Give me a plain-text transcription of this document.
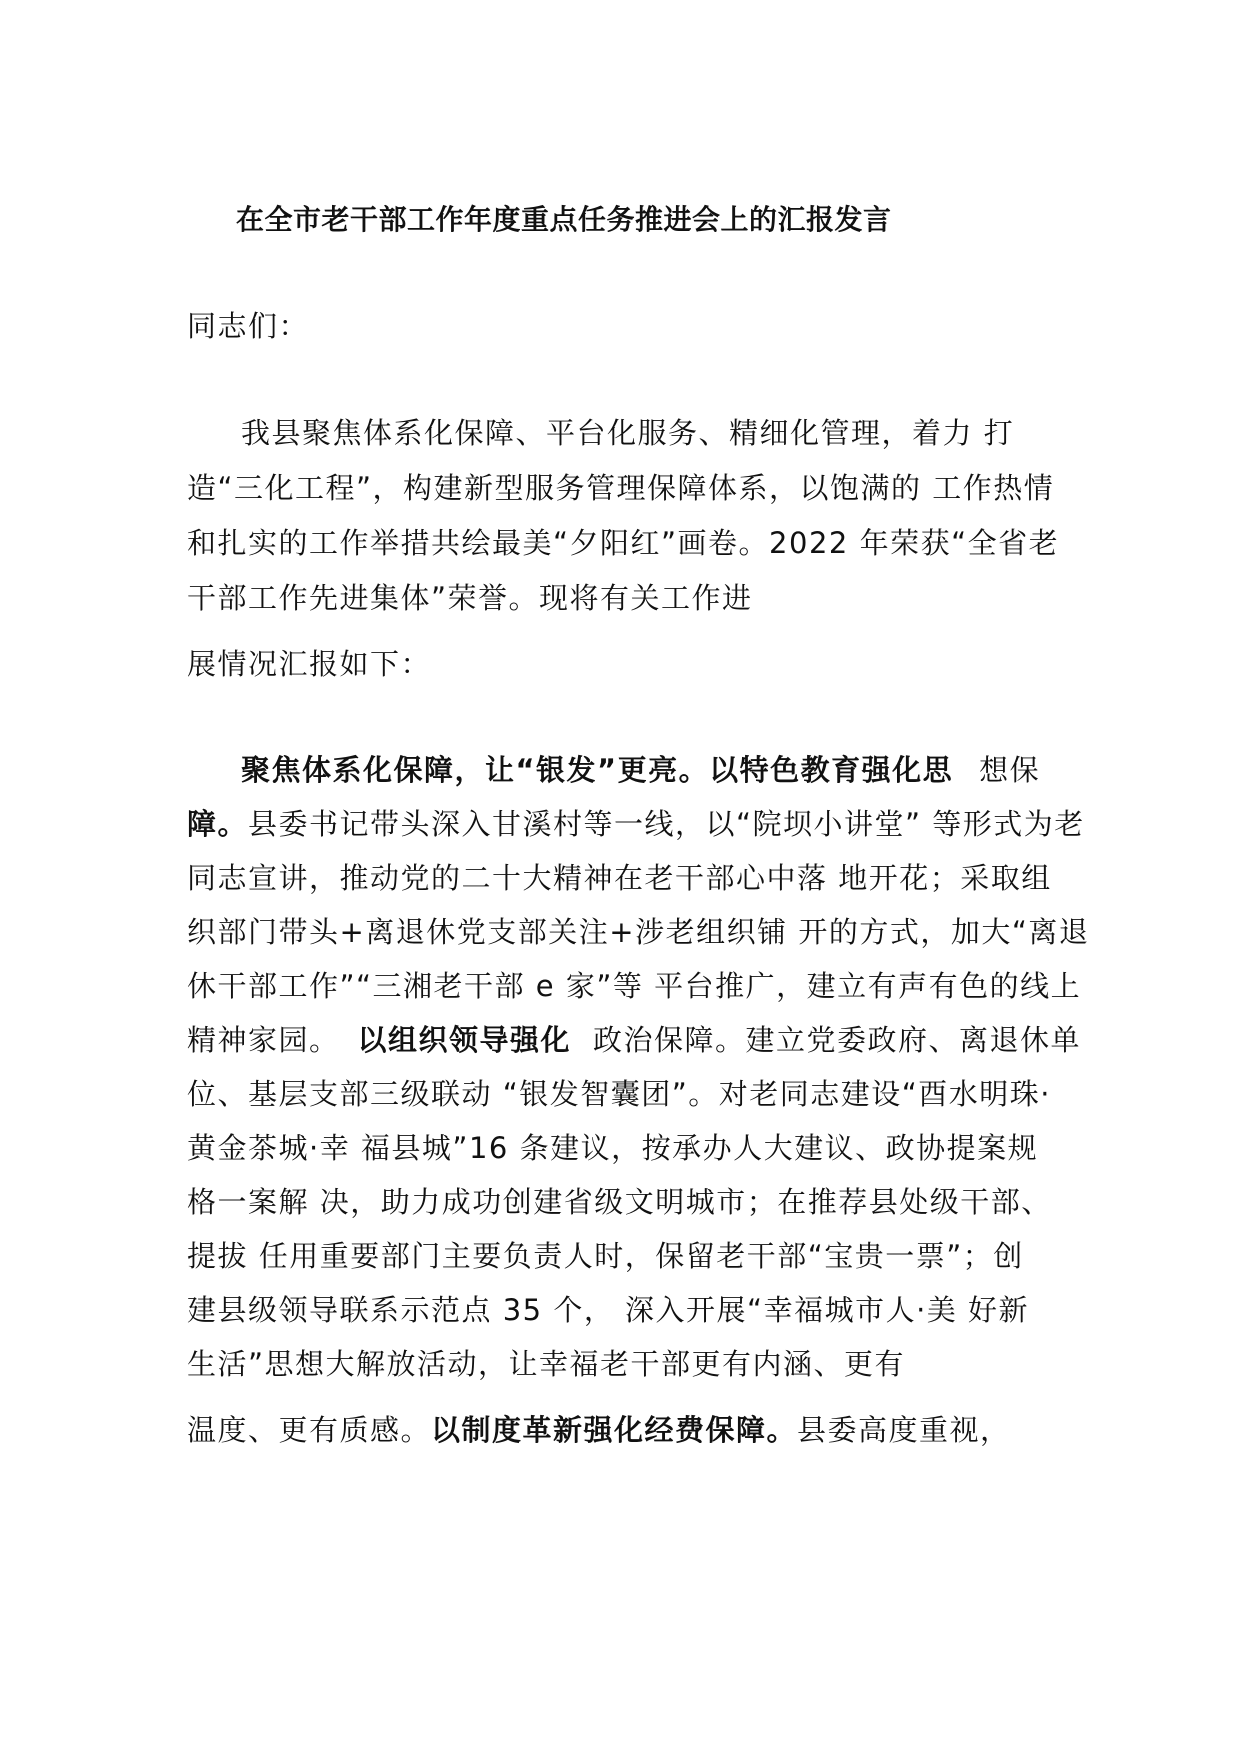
在全市老干部工作年度重点任务推进会上的汇报发言

同志们：

我县聚焦体系化保障、平台化服务、精细化管理，着力 打

造“三化工程”，构建新型服务管理保障体系，以饱满的 工作热情

和扎实的工作举措共绘最美“夕阳红”画卷。2022 年荣获“全省老

干部工作先进集体”荣誉。现将有关工作进

展情况汇报如下：

聚焦体系化保障，让“银发”更亮。以特色教育强化思 想保

障。县委书记带头深入甘溪村等一线，以“院坝小讲堂” 等形式为老

同志宣讲，推动党的二十大精神在老干部心中落 地开花；采取组

织部门带头+离退休党支部关注+涉老组织铺 开的方式，加大“离退

休干部工作”“三湘老干部 e 家”等 平台推广，建立有声有色的线上

精神家园。 以组织领导强化 政治保障。建立党委政府、离退休单

位、基层支部三级联动 “银发智囊团”。对老同志建设“酉水明珠·

黄金茶城·幸 福县城”16 条建议，按承办人大建议、政协提案规

格一案解 决，助力成功创建省级文明城市；在推荐县处级干部、

提拔 任用重要部门主要负责人时，保留老干部“宝贵一票”；创

建县级领导联系示范点 35 个， 深入开展“幸福城市人·美 好新

生活”思想大解放活动，让幸福老干部更有内涵、更有

温度、更有质感。以制度革新强化经费保障。县委高度重视，
